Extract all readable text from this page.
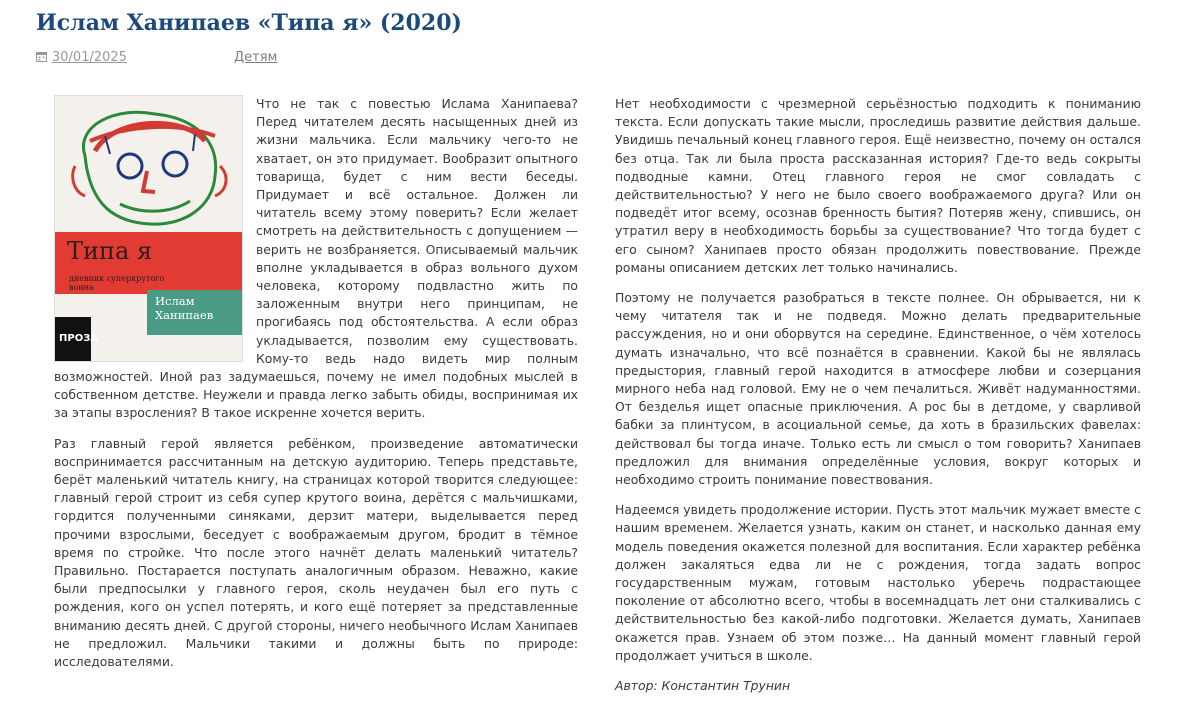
Ислам Ханипаев «Типа я» (2020)
30/01/2025	Детям
Типа я
дневник суперкрутого воина
Ислам Ханипаев
ПРОЗА

Что не так с повестью Ислама Ханипаева? Перед читателем десять насыщенных дней из жизни мальчика. Если мальчику чего-то не хватает, он это придумает. Вообразит опытного товарища, будет с ним вести беседы. Придумает и всё остальное. Должен ли читатель всему этому поверить? Если желает смотреть на действительность с допущением — верить не возбраняется. Описываемый мальчик вполне укладывается в образ вольного духом человека, которому подвластно жить по заложенным внутри него принципам, не прогибаясь под обстоятельства. А если образ укладывается, позволим ему существовать. Кому-то ведь надо видеть мир полным возможностей. Иной раз задумаешься, почему не имел подобных мыслей в собственном детстве. Неужели и правда легко забыть обиды, воспринимая их за этапы взросления? В такое искренне хочется верить.

Раз главный герой является ребёнком, произведение автоматически воспринимается рассчитанным на детскую аудиторию. Теперь представьте, берёт маленький читатель книгу, на страницах которой творится следующее: главный герой строит из себя супер крутого воина, дерётся с мальчишками, гордится полученными синяками, дерзит матери, выделывается перед прочими взрослыми, беседует с воображаемым другом, бродит в тёмное время по стройке. Что после этого начнёт делать маленький читатель? Правильно. Постарается поступать аналогичным образом. Неважно, какие были предпосылки у главного героя, сколь неудачен был его путь с рождения, кого он успел потерять, и кого ещё потеряет за представленные вниманию десять дней. С другой стороны, ничего необычного Ислам Ханипаев не предложил. Мальчики такими и должны быть по природе: исследователями.

Нет необходимости с чрезмерной серьёзностью подходить к пониманию текста. Если допускать такие мысли, проследишь развитие действия дальше. Увидишь печальный конец главного героя. Ещё неизвестно, почему он остался без отца. Так ли была проста рассказанная история? Где-то ведь сокрыты подводные камни. Отец главного героя не смог совладать с действительностью? У него не было своего воображаемого друга? Или он подведёт итог всему, осознав бренность бытия? Потеряв жену, спившись, он утратил веру в необходимость борьбы за существование? Что тогда будет с его сыном? Ханипаев просто обязан продолжить повествование. Прежде романы описанием детских лет только начинались.

Поэтому не получается разобраться в тексте полнее. Он обрывается, ни к чему читателя так и не подведя. Можно делать предварительные рассуждения, но и они оборвутся на середине. Единственное, о чём хотелось думать изначально, что всё познаётся в сравнении. Какой бы не являлась предыстория, главный герой находится в атмосфере любви и созерцания мирного неба над головой. Ему не о чем печалиться. Живёт надуманностями. От безделья ищет опасные приключения. А рос бы в детдоме, у сварливой бабки за плинтусом, в асоциальной семье, да хоть в бразильских фавелах: действовал бы тогда иначе. Только есть ли смысл о том говорить? Ханипаев предложил для внимания определённые условия, вокруг которых и необходимо строить понимание повествования.

Надеемся увидеть продолжение истории. Пусть этот мальчик мужает вместе с нашим временем. Желается узнать, каким он станет, и насколько данная ему модель поведения окажется полезной для воспитания. Если характер ребёнка должен закаляться едва ли не с рождения, тогда задать вопрос государственным мужам, готовым настолько уберечь подрастающее поколение от абсолютно всего, чтобы в восемнадцать лет они сталкивались с действительностью без какой-либо подготовки. Желается думать, Ханипаев окажется прав. Узнаем об этом позже… На данный момент главный герой продолжает учиться в школе.

Автор: Константин Трунин
